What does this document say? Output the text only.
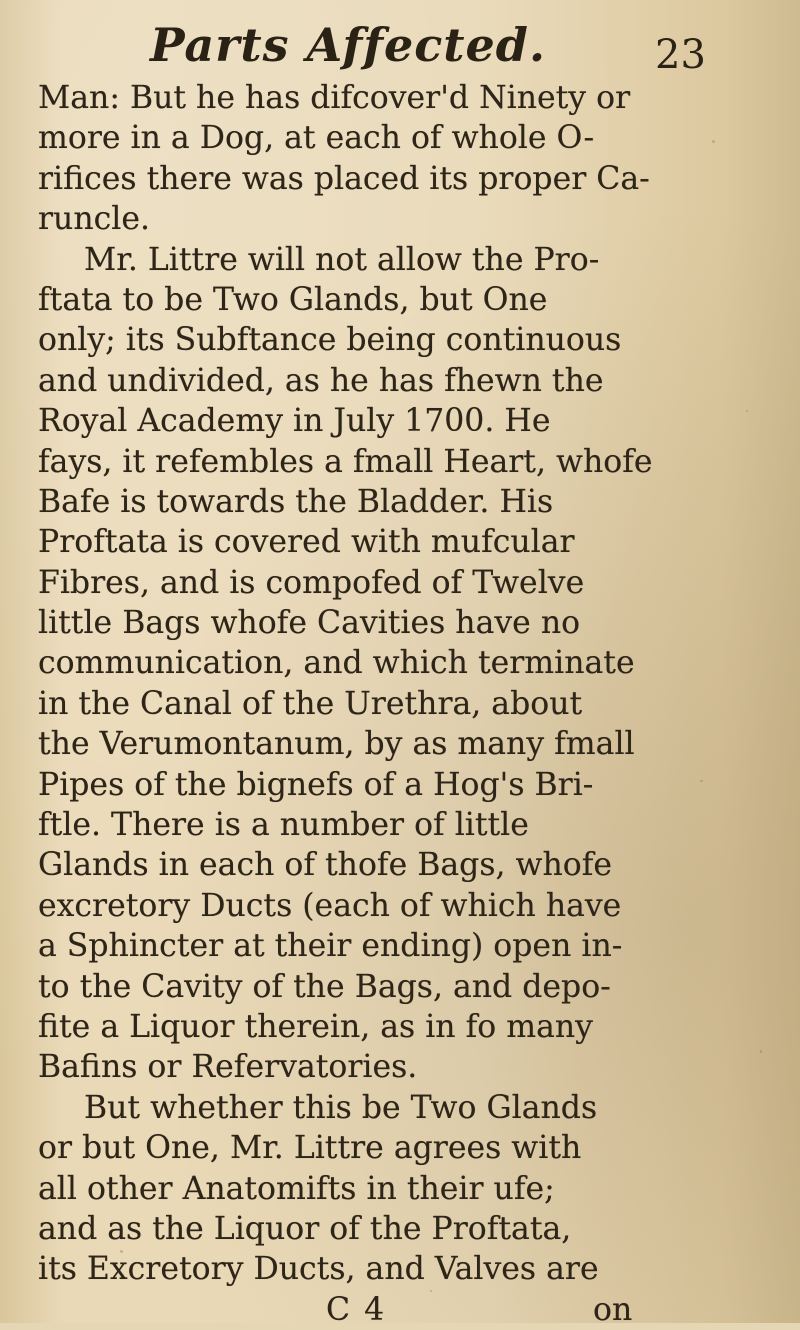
Parts Affected.	23
Man: But he has difcover'd Ninety or
more in a Dog, at each of whole O-
rifices there was placed its proper Ca-
runcle.
Mr. Littre will not allow the Pro-
ftata to be Two Glands, but One
only; its Subftance being continuous
and undivided, as he has fhewn the
Royal Academy in July 1700. He
fays, it refembles a fmall Heart, whofe
Bafe is towards the Bladder. His
Proftata is covered with mufcular
Fibres, and is compofed of Twelve
little Bags whofe Cavities have no
communication, and which terminate
in the Canal of the Urethra, about
the Verumontanum, by as many fmall
Pipes of the bignefs of a Hog's Bri-
ftle. There is a number of little
Glands in each of thofe Bags, whofe
excretory Ducts (each of which have
a Sphincter at their ending) open in-
to the Cavity of the Bags, and depo-
fite a Liquor therein, as in fo many
Bafins or Refervatories.
But whether this be Two Glands
or but One, Mr. Littre agrees with
all other Anatomifts in their ufe;
and as the Liquor of the Proftata,
its Excretory Ducts, and Valves are
C 4	on
